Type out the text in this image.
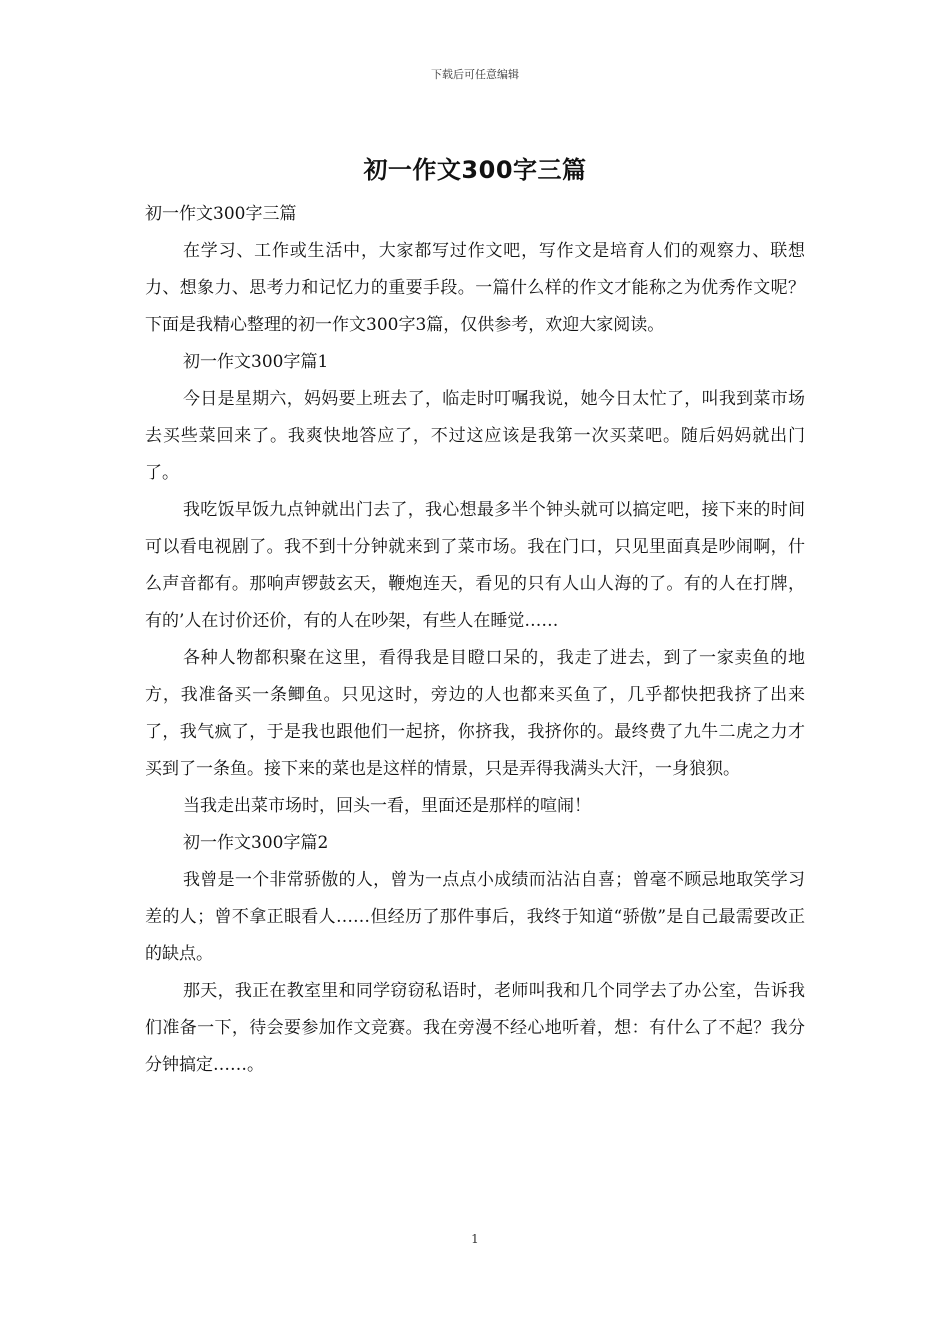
下载后可任意编辑
初一作文300字三篇

初一作文300字三篇

在学习、工作或生活中，大家都写过作文吧，写作文是培育人们的观察力、联想力、想象力、思考力和记忆力的重要手段。一篇什么样的作文才能称之为优秀作文呢？下面是我精心整理的初一作文300字3篇，仅供参考，欢迎大家阅读。

初一作文300字篇1

今日是星期六，妈妈要上班去了，临走时叮嘱我说，她今日太忙了，叫我到菜市场去买些菜回来了。我爽快地答应了，不过这应该是我第一次买菜吧。随后妈妈就出门了。

我吃饭早饭九点钟就出门去了，我心想最多半个钟头就可以搞定吧，接下来的时间可以看电视剧了。我不到十分钟就来到了菜市场。我在门口，只见里面真是吵闹啊，什么声音都有。那响声锣鼓玄天，鞭炮连天，看见的只有人山人海的了。有的人在打牌，有的’人在讨价还价，有的人在吵架，有些人在睡觉……

各种人物都积聚在这里，看得我是目瞪口呆的，我走了进去，到了一家卖鱼的地方，我准备买一条鲫鱼。只见这时，旁边的人也都来买鱼了，几乎都快把我挤了出来了，我气疯了，于是我也跟他们一起挤，你挤我，我挤你的。最终费了九牛二虎之力才买到了一条鱼。接下来的菜也是这样的情景，只是弄得我满头大汗，一身狼狈。

当我走出菜市场时，回头一看，里面还是那样的喧闹！

初一作文300字篇2

我曾是一个非常骄傲的人，曾为一点点小成绩而沾沾自喜；曾毫不顾忌地取笑学习差的人；曾不拿正眼看人……但经历了那件事后，我终于知道“骄傲”是自己最需要改正的缺点。

那天，我正在教室里和同学窃窃私语时，老师叫我和几个同学去了办公室，告诉我们准备一下，待会要参加作文竞赛。我在旁漫不经心地听着，想：有什么了不起？我分分钟搞定……。

1
